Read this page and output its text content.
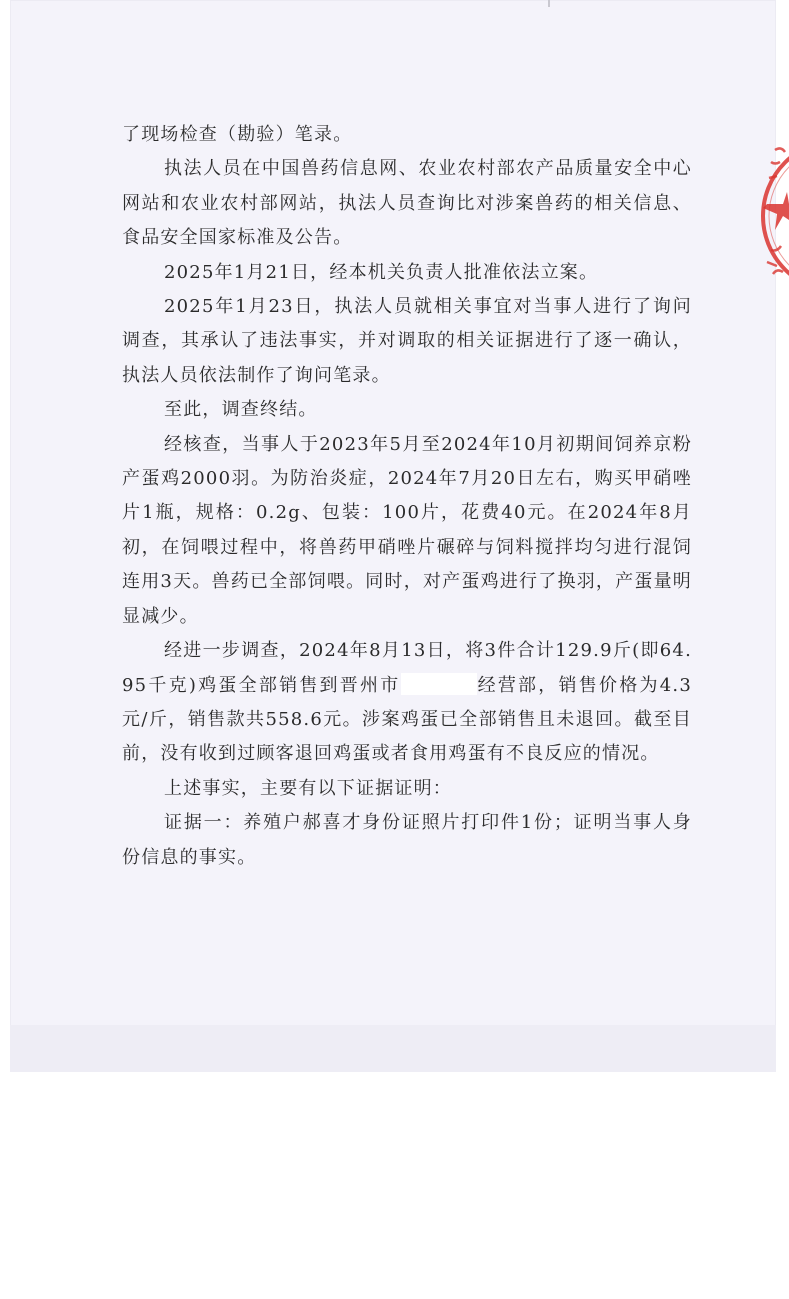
了现场检查（勘验）笔录。

执法人员在中国兽药信息网、农业农村部农产品质量安全中心网站和农业农村部网站，执法人员查询比对涉案兽药的相关信息、食品安全国家标准及公告。

2025年1月21日，经本机关负责人批准依法立案。

2025年1月23日，执法人员就相关事宜对当事人进行了询问调查，其承认了违法事实，并对调取的相关证据进行了逐一确认，执法人员依法制作了询问笔录。

至此，调查终结。

经核查，当事人于2023年5月至2024年10月初期间饲养京粉产蛋鸡2000羽。为防治炎症，2024年7月20日左右，购买甲硝唑片1瓶，规格：0.2g、包装：100片，花费40元。在2024年8月初，在饲喂过程中，将兽药甲硝唑片碾碎与饲料搅拌均匀进行混饲连用3天。兽药已全部饲喂。同时，对产蛋鸡进行了换羽，产蛋量明显减少。

经进一步调查，2024年8月13日，将3件合计129.9斤(即64.95千克)鸡蛋全部销售到晋州市	经营部，销售价格为4.3元/斤，销售款共558.6元。涉案鸡蛋已全部销售且未退回。截至目前，没有收到过顾客退回鸡蛋或者食用鸡蛋有不良反应的情况。

上述事实，主要有以下证据证明：

证据一：养殖户郝喜才身份证照片打印件1份；证明当事人身份信息的事实。
